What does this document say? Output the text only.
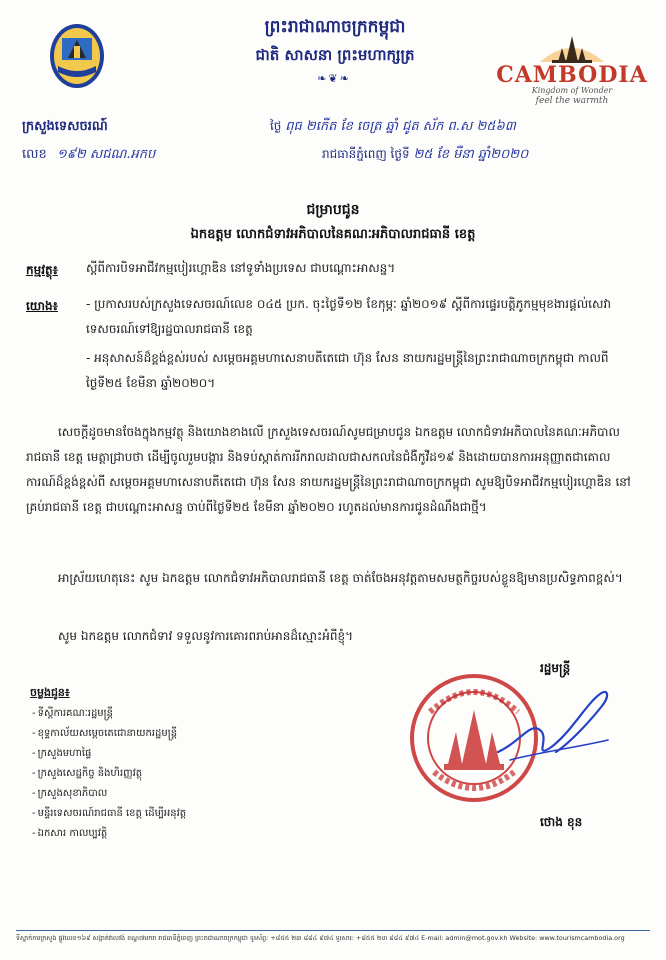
CAMBODIA
Kingdom of Wonder
feel the warmth
ព្រះរាជាណាចក្រកម្ពុជា
ជាតិ សាសនា ព្រះមហាក្សត្រ
❧❦❧
ក្រសួងទេសចរណ៍
លេខ ១៩២ សជណ.អកប
ថ្ងៃ ពុធ ២កើត ខែ ចេត្រ ឆ្នាំ ជូត ស័ក ព.ស ២៥៦៣
រាជធានីភ្នំពេញ ថ្ងៃទី ២៥ ខែ មីនា ឆ្នាំ២០២០
ជម្រាបជូន
ឯកឧត្តម លោកជំទាវអភិបាលនៃគណៈអភិបាលរាជធានី ខេត្ត
កម្មវត្ថុ៖ ស្តីពីការបិទអាជីវកម្មបៀរហ្គោឌិន នៅទូទាំងប្រទេស ជាបណ្តោះអាសន្ន។
យោង៖ - ប្រកាសរបស់ក្រសួងទេសចរណ៍លេខ ០៤៥ ប្រក. ចុះថ្ងៃទី១២ ខែកុម្ភៈ ឆ្នាំ២០១៩ ស្តីពីការផ្ទេរបត្តិភូកម្មមុខងារផ្តល់សេវាទេសចរណ៍ទៅឱ្យរដ្ឋបាលរាជធានី ខេត្ត
- អនុសាសន៍ដ៏ខ្ពង់ខ្ពស់របស់ សម្តេចអគ្គមហាសេនាបតីតេជោ ហ៊ុន សែន នាយករដ្ឋមន្ត្រីនៃព្រះរាជាណាចក្រកម្ពុជា កាលពីថ្ងៃទី២៥ ខែមីនា ឆ្នាំ២០២០។
សេចក្តីដូចមានចែងក្នុងកម្មវត្ថុ និងយោងខាងលើ ក្រសួងទេសចរណ៍សូមជម្រាបជូន ឯកឧត្តម លោកជំទាវអភិបាលនៃគណៈអភិបាលរាជធានី ខេត្ត មេត្តាជ្រាបថា ដើម្បីចូលរួមបង្ការ និងទប់ស្កាត់ការរីករាលដាលជាសកលនៃជំងឺកូវីដ១៩ និងដោយបានការអនុញ្ញាតជាគោលការណ៍ដ៏ខ្ពង់ខ្ពស់ពី សម្តេចអគ្គមហាសេនាបតីតេជោ ហ៊ុន សែន នាយករដ្ឋមន្ត្រីនៃព្រះរាជាណាចក្រកម្ពុជា សូមឱ្យបិទអាជីវកម្មបៀរហ្គោឌិន នៅគ្រប់រាជធានី ខេត្ត ជាបណ្តោះអាសន្ន ចាប់ពីថ្ងៃទី២៥ ខែមីនា ឆ្នាំ២០២០ រហូតដល់មានការជូនដំណឹងជាថ្មី។
អាស្រ័យហេតុនេះ សូម ឯកឧត្តម លោកជំទាវអភិបាលរាជធានី ខេត្ត ចាត់ចែងអនុវត្តតាមសមត្ថកិច្ចរបស់ខ្លួនឱ្យមានប្រសិទ្ធភាពខ្ពស់។
សូម ឯកឧត្តម លោកជំទាវ ទទួលនូវការគោរពរាប់អានដ៏ស្មោះអំពីខ្ញុំ។
ចម្លងជូន៖
- ទីស្តីការគណៈរដ្ឋមន្ត្រី
- ខុទ្ទកាល័យសម្តេចតេជោនាយករដ្ឋមន្ត្រី
- ក្រសួងមហាផ្ទៃ
- ក្រសួងសេដ្ឋកិច្ច និងហិរញ្ញវត្ថុ
- ក្រសួងសុខាភិបាល
- មន្ទីរទេសចរណ៍រាជធានី ខេត្ត ដើម្បីអនុវត្ត
- ឯកសារ កាលប្បវត្តិ
រដ្ឋមន្ត្រី
ថោង ខុន
ទីស្នាក់ការក្រសួង ផ្លូវលេខ១៦៩ សង្កាត់វាលវង់ ខណ្ឌ៧មករា រាជធានីភ្នំពេញ ព្រះរាជាណាចក្រកម្ពុជា ទូរស័ព្ទ: +៨៥៥ ២៣ ៨៨៤ ៩៧៤ ទូរសារ: +៨៥៥ ២៣ ៨៨៤ ៩៧៤ E-mail: admin@mot.gov.kh Website: www.tourismcambodia.org
